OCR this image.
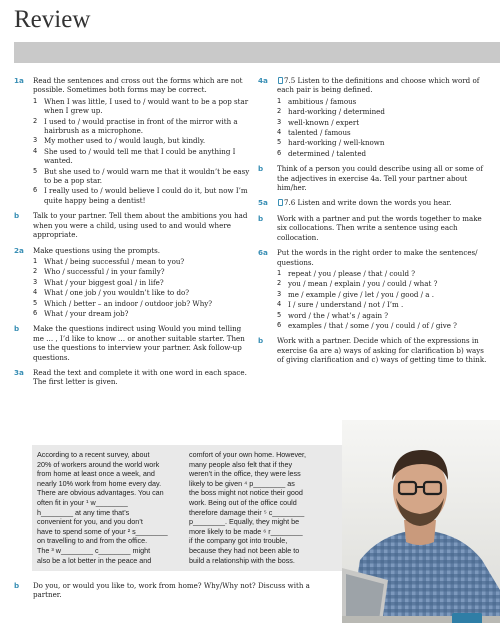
Review
1a Read the sentences and cross out the forms which are not possible. Sometimes both forms may be correct.
1 When I was little, I used to / would want to be a pop star when I grew up.
2 I used to / would practise in front of the mirror with a hairbrush as a microphone.
3 My mother used to / would laugh, but kindly.
4 She used to / would tell me that I could be anything I wanted.
5 But she used to / would warn me that it wouldn’t be easy to be a pop star.
6 I really used to / would believe I could do it, but now I’m quite happy being a dentist!
b Talk to your partner. Tell them about the ambitions you had when you were a child, using used to and would where appropriate.
2a Make questions using the prompts.
1 What / being successful / mean to you?
2 Who / successful / in your family?
3 What / your biggest goal / in life?
4 What / one job / you wouldn’t like to do?
5 Which / better – an indoor / outdoor job? Why?
6 What / your dream job?
b Make the questions indirect using Would you mind telling me … , I’d like to know … or another suitable starter. Then use the questions to interview your partner. Ask follow-up questions.
3a Read the text and complete it with one word in each space. The first letter is given.
4a	7.5 Listen to the definitions and choose which word of each pair is being defined.
1 ambitious / famous
2 hard-working / determined
3 well-known / expert
4 talented / famous
5 hard-working / well-known
6 determined / talented
b Think of a person you could describe using all or some of the adjectives in exercise 4a. Tell your partner about him/her.
5a	7.6 Listen and write down the words you hear.
b Work with a partner and put the words together to make six collocations. Then write a sentence using each collocation.
6a Put the words in the right order to make the sentences/ questions.
1 repeat / you / please / that / could ?
2 you / mean / explain / you / could / what ?
3 me / example / give / let / you / good / a .
4 I / sure / understand / not / I’m .
5 word / the / what’s / again ?
6 examples / that / some / you / could / of / give ?
b Work with a partner. Decide which of the expressions in exercise 6a are a) ways of asking for clarification b) ways of giving clarification and c) ways of getting time to think.
According to a recent survey, about
20% of workers around the world work
from home at least once a week, and
nearly 10% work from home every day.
There are obvious advantages. You can
often fit in your ¹ w________
h________ at any time that’s
convenient for you, and you don’t
have to spend some of your ² s________
on travelling to and from the office.
The ³ w________ c________ might
also be a lot better in the peace and
comfort of your own home. However,
many people also felt that if they
weren’t in the office, they were less
likely to be given ⁴ p________ as
the boss might not notice their good
work. Being out of the office could
therefore damage their ⁵ c________
p________. Equally, they might be
more likely to be made ⁶ r________
if the company got into trouble,
because they had not been able to
build a relationship with the boss.
b Do you, or would you like to, work from home? Why/Why not? Discuss with a partner.
